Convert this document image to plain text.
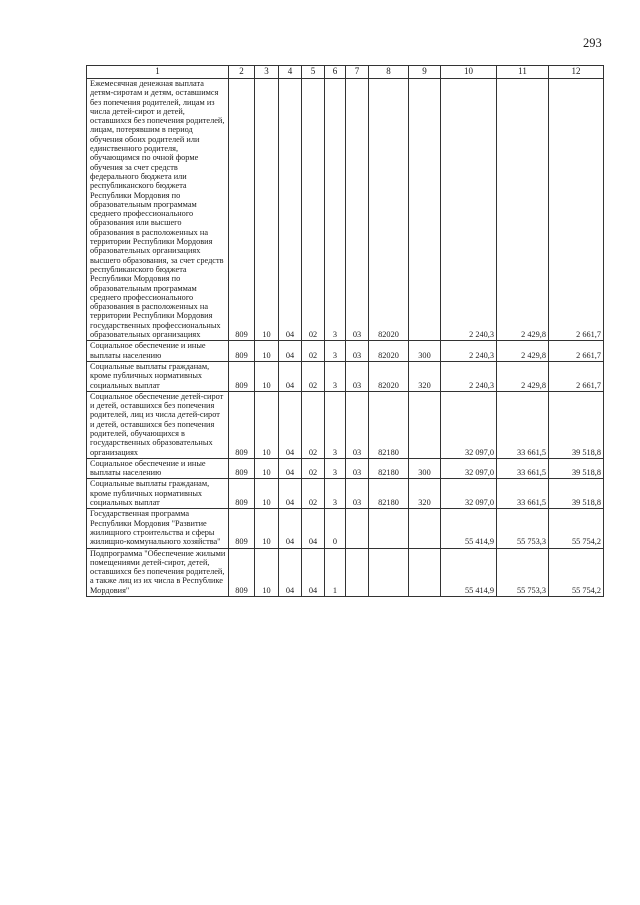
293
1	2	3	4	5	6	7	8	9	10	11	12
Ежемесячная денежная выплата детям-сиротам и детям, оставшимся без попечения родителей, лицам из числа детей-сирот и детей, оставшихся без попечения родителей, лицам, потерявшим в период обучения обоих родителей или единственного родителя, обучающимся по очной форме обучения за счет средств федерального бюджета или республиканского бюджета Республики Мордовия по образовательным программам среднего профессионального образования или высшего образования в расположенных на территории Республики Мордовия образовательных организациях высшего образования, за счет средств республиканского бюджета Республики Мордовия по образовательным программам среднего профессионального образования в расположенных на территории Республики Мордовия государственных профессиональных образовательных организациях	809	10	04	02	3	03	82020		2 240,3	2 429,8	2 661,7
Социальное обеспечение и иные выплаты населению	809	10	04	02	3	03	82020	300	2 240,3	2 429,8	2 661,7
Социальные выплаты гражданам, кроме публичных нормативных социальных выплат	809	10	04	02	3	03	82020	320	2 240,3	2 429,8	2 661,7
Социальное обеспечение детей-сирот и детей, оставшихся без попечения родителей, лиц из числа детей-сирот и детей, оставшихся без попечения родителей, обучающихся в государственных образовательных организациях	809	10	04	02	3	03	82180		32 097,0	33 661,5	39 518,8
Социальное обеспечение и иные выплаты населению	809	10	04	02	3	03	82180	300	32 097,0	33 661,5	39 518,8
Социальные выплаты гражданам, кроме публичных нормативных социальных выплат	809	10	04	02	3	03	82180	320	32 097,0	33 661,5	39 518,8
Государственная программа Республики Мордовия "Развитие жилищного строительства и сферы жилищно-коммунального хозяйства"	809	10	04	04	0				55 414,9	55 753,3	55 754,2
Подпрограмма "Обеспечение жилыми помещениями детей-сирот, детей, оставшихся без попечения родителей, а также лиц из их числа в Республике Мордовия"	809	10	04	04	1				55 414,9	55 753,3	55 754,2
